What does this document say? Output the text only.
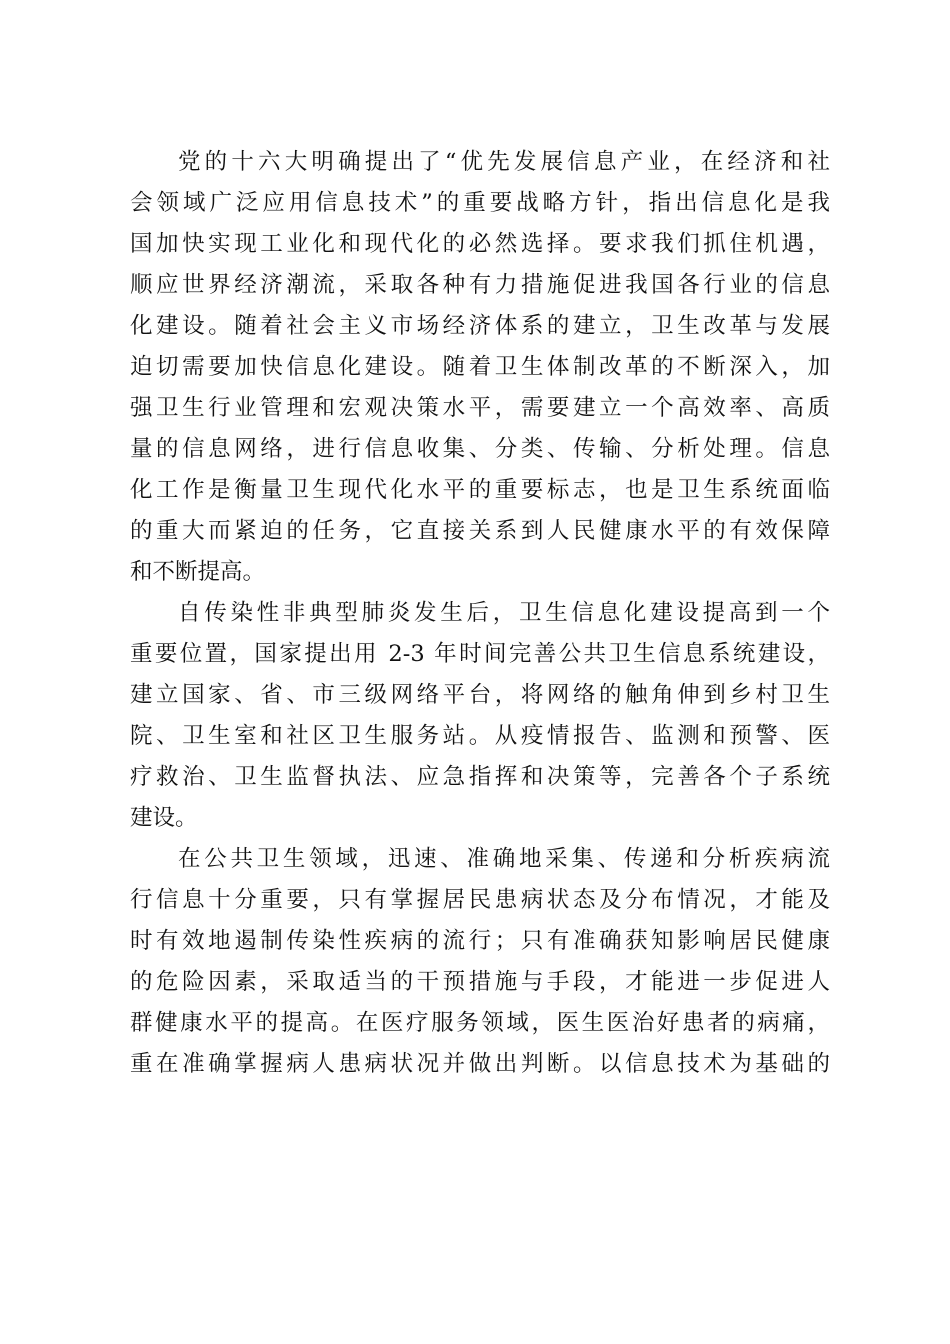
党的十六大明确提出了“优先发展信息产业，在经济和社
会领域广泛应用信息技术”的重要战略方针，指出信息化是我
国加快实现工业化和现代化的必然选择。要求我们抓住机遇，
顺应世界经济潮流，采取各种有力措施促进我国各行业的信息
化建设。随着社会主义市场经济体系的建立，卫生改革与发展
迫切需要加快信息化建设。随着卫生体制改革的不断深入，加
强卫生行业管理和宏观决策水平，需要建立一个高效率、高质
量的信息网络，进行信息收集、分类、传输、分析处理。信息
化工作是衡量卫生现代化水平的重要标志，也是卫生系统面临
的重大而紧迫的任务，它直接关系到人民健康水平的有效保障
和不断提高。
自传染性非典型肺炎发生后，卫生信息化建设提高到一个
重要位置，国家提出用 2-3 年时间完善公共卫生信息系统建设，
建立国家、省、市三级网络平台，将网络的触角伸到乡村卫生
院、卫生室和社区卫生服务站。从疫情报告、监测和预警、医
疗救治、卫生监督执法、应急指挥和决策等，完善各个子系统
建设。
在公共卫生领域，迅速、准确地采集、传递和分析疾病流
行信息十分重要，只有掌握居民患病状态及分布情况，才能及
时有效地遏制传染性疾病的流行；只有准确获知影响居民健康
的危险因素，采取适当的干预措施与手段，才能进一步促进人
群健康水平的提高。在医疗服务领域，医生医治好患者的病痛，
重在准确掌握病人患病状况并做出判断。以信息技术为基础的
